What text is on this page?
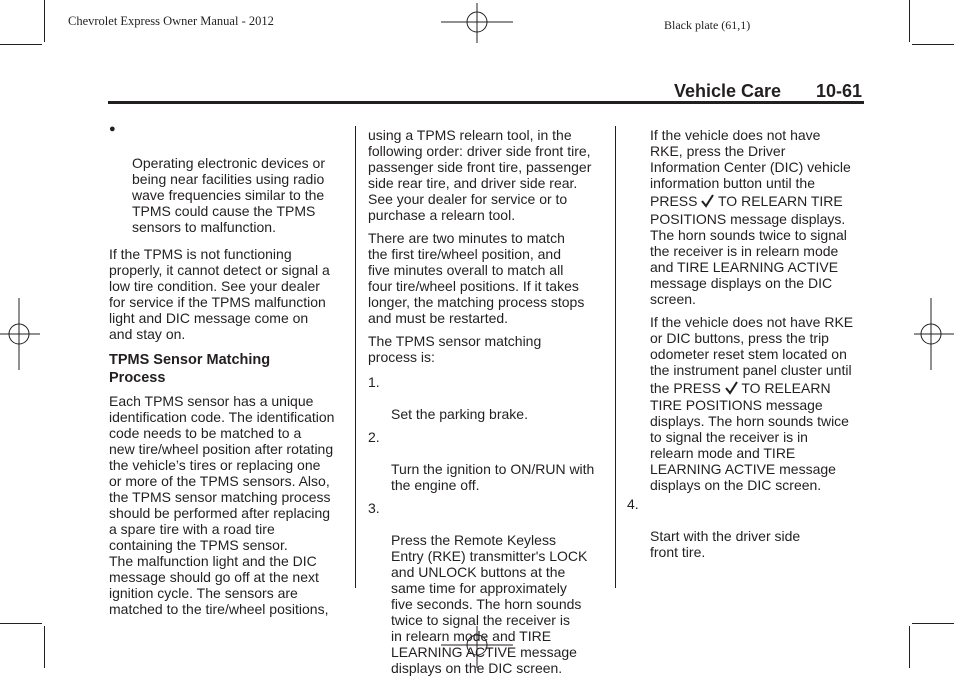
Chevrolet Express Owner Manual - 2012	Black plate (61,1)
Vehicle Care 10-61

●

Operating electronic devices or
being near facilities using radio
wave frequencies similar to the
TPMS could cause the TPMS
sensors to malfunction.

If the TPMS is not functioning
properly, it cannot detect or signal a
low tire condition. See your dealer
for service if the TPMS malfunction
light and DIC message come on
and stay on.

TPMS Sensor Matching
Process

Each TPMS sensor has a unique
identification code. The identification
code needs to be matched to a
new tire/wheel position after rotating
the vehicle’s tires or replacing one
or more of the TPMS sensors. Also,
the TPMS sensor matching process
should be performed after replacing
a spare tire with a road tire
containing the TPMS sensor.
The malfunction light and the DIC
message should go off at the next
ignition cycle. The sensors are
matched to the tire/wheel positions,

using a TPMS relearn tool, in the
following order: driver side front tire,
passenger side front tire, passenger
side rear tire, and driver side rear.
See your dealer for service or to
purchase a relearn tool.

There are two minutes to match
the first tire/wheel position, and
five minutes overall to match all
four tire/wheel positions. If it takes
longer, the matching process stops
and must be restarted.

The TPMS sensor matching
process is:

1.

Set the parking brake.

2.

Turn the ignition to ON/RUN with
the engine off.

3.

Press the Remote Keyless
Entry (RKE) transmitter's LOCK
and UNLOCK buttons at the
same time for approximately
five seconds. The horn sounds
twice to signal the receiver is
in relearn mode and TIRE
LEARNING ACTIVE message
displays on the DIC screen.

If the vehicle does not have
RKE, press the Driver
Information Center (DIC) vehicle
information button until the

PRESS TO RELEARN TIRE

POSITIONS message displays.
The horn sounds twice to signal
the receiver is in relearn mode
and TIRE LEARNING ACTIVE
message displays on the DIC
screen.

If the vehicle does not have RKE
or DIC buttons, press the trip
odometer reset stem located on
the instrument panel cluster until

the PRESS TO RELEARN

TIRE POSITIONS message
displays. The horn sounds twice
to signal the receiver is in
relearn mode and TIRE
LEARNING ACTIVE message
displays on the DIC screen.

4.

Start with the driver side
front tire.
